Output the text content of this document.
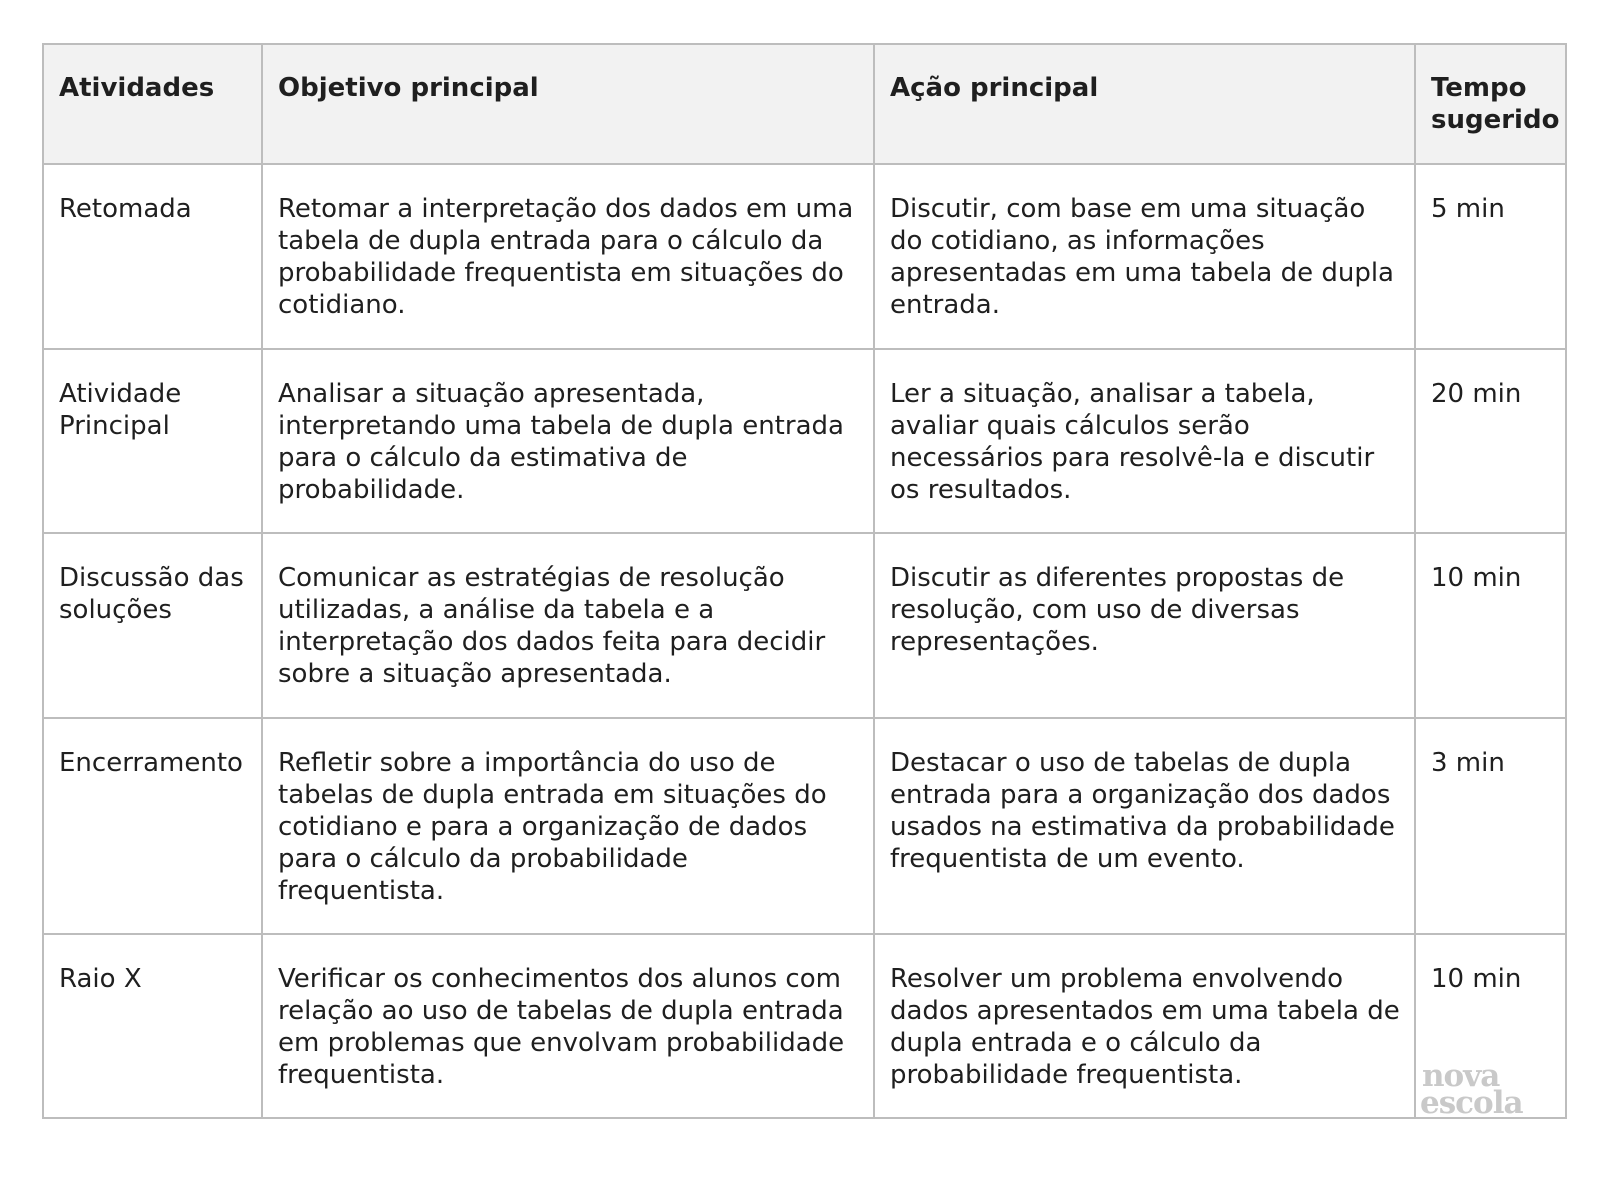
Atividades	Objetivo principal	Ação principal	Tempo sugerido
Retomada	Retomar a interpretação dos dados em uma tabela de dupla entrada para o cálculo da probabilidade frequentista em situações do cotidiano.	Discutir, com base em uma situação do cotidiano, as informações apresentadas em uma tabela de dupla entrada.	5 min
Atividade Principal	Analisar a situação apresentada, interpretando uma tabela de dupla entrada para o cálculo da estimativa de probabilidade.	Ler a situação, analisar a tabela, avaliar quais cálculos serão necessários para resolvê-la e discutir os resultados.	20 min
Discussão das soluções	Comunicar as estratégias de resolução utilizadas, a análise da tabela e a interpretação dos dados feita para decidir sobre a situação apresentada.	Discutir as diferentes propostas de resolução, com uso de diversas representações.	10 min
Encerramento	Refletir sobre a importância do uso de tabelas de dupla entrada em situações do cotidiano e para a organização de dados para o cálculo da probabilidade frequentista.	Destacar o uso de tabelas de dupla entrada para a organização dos dados usados na estimativa da probabilidade frequentista de um evento.	3 min
Raio X	Verificar os conhecimentos dos alunos com relação ao uso de tabelas de dupla entrada em problemas que envolvam probabilidade frequentista.	Resolver um problema envolvendo dados apresentados em uma tabela de dupla entrada e o cálculo da probabilidade frequentista.	10 min
nova
escola
